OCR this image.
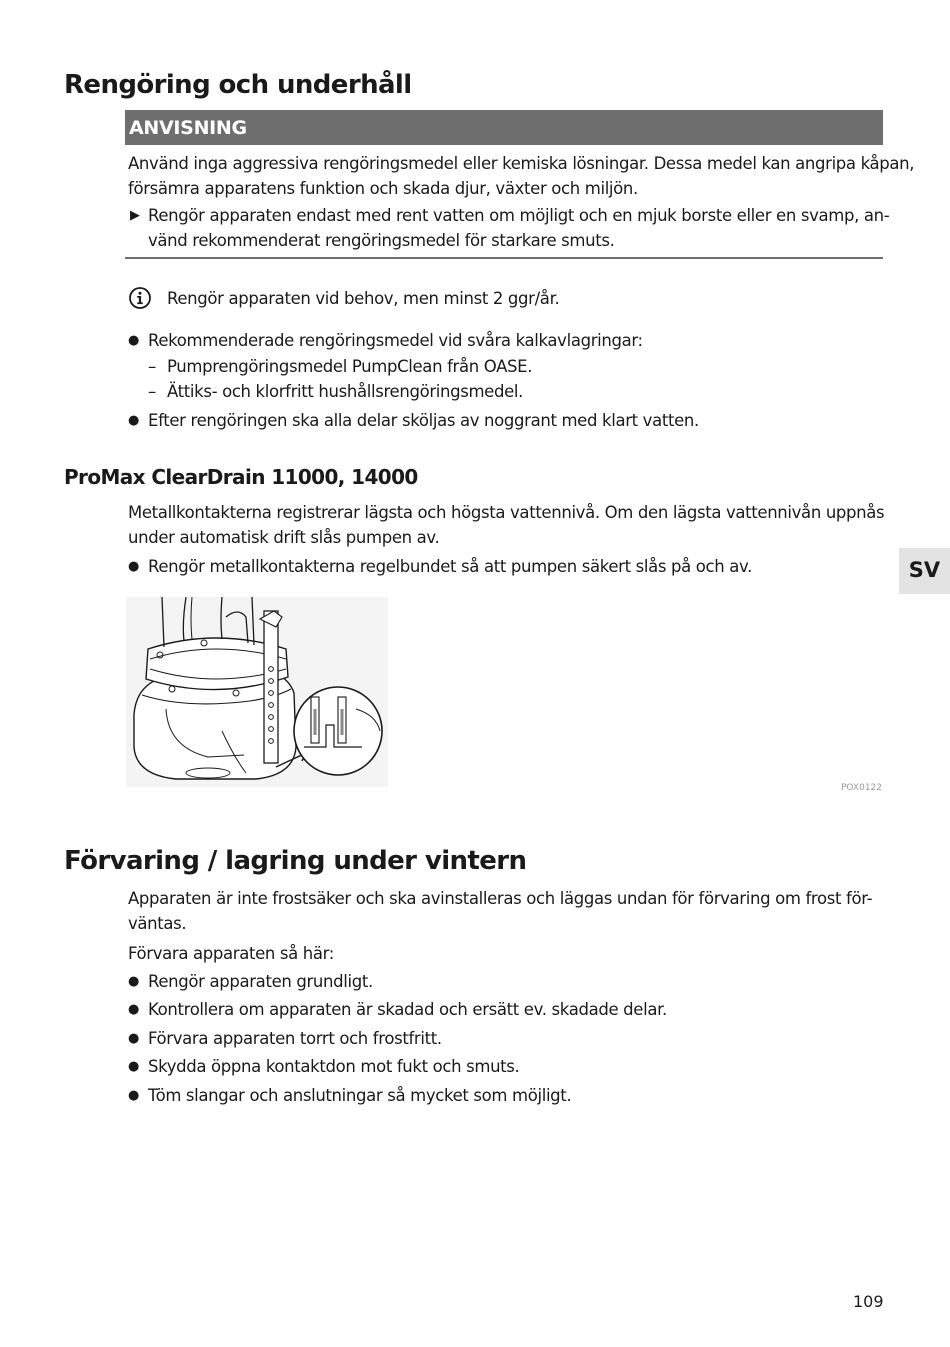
Rengöring och underhåll
ANVISNING
Använd inga aggressiva rengöringsmedel eller kemiska lösningar. Dessa medel kan angripa kåpan,
försämra apparatens funktion och skada djur, växter och miljön.
▶ Rengör apparaten endast med rent vatten om möjligt och en mjuk borste eller en svamp, an-
vänd rekommenderat rengöringsmedel för starkare smuts.
Rengör apparaten vid behov, men minst 2 ggr/år.
● Rekommenderade rengöringsmedel vid svåra kalkavlagringar:
– Pumprengöringsmedel PumpClean från OASE.
– Ättiks- och klorfritt hushållsrengöringsmedel.
● Efter rengöringen ska alla delar sköljas av noggrant med klart vatten.
ProMax ClearDrain 11000, 14000
Metallkontakterna registrerar lägsta och högsta vattennivå. Om den lägsta vattennivån uppnås
under automatisk drift slås pumpen av.
● Rengör metallkontakterna regelbundet så att pumpen säkert slås på och av.	SV
POX0122
Förvaring / lagring under vintern
Apparaten är inte frostsäker och ska avinstalleras och läggas undan för förvaring om frost för-
väntas.
Förvara apparaten så här:
● Rengör apparaten grundligt.
● Kontrollera om apparaten är skadad och ersätt ev. skadade delar.
● Förvara apparaten torrt och frostfritt.
● Skydda öppna kontaktdon mot fukt och smuts.
● Töm slangar och anslutningar så mycket som möjligt.
109
